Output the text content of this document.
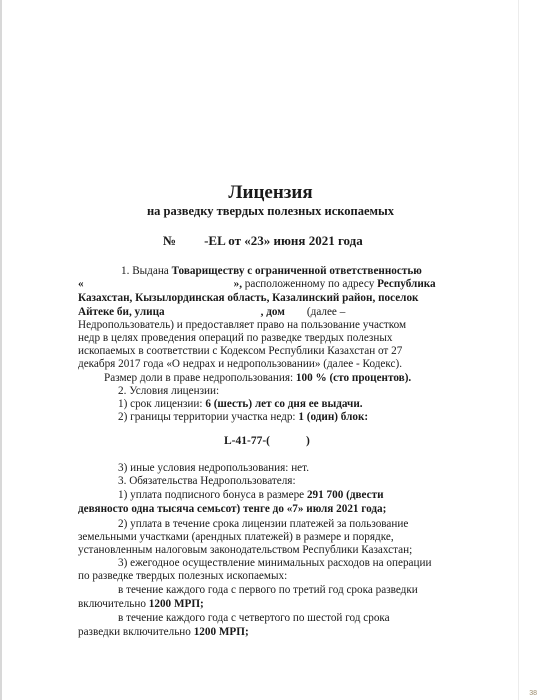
Лицензия
на разведку твердых полезных ископаемых
№ -EL от «23» июня 2021 года
1. Выдана Товариществу с ограниченной ответственностью
«	», расположенному по адресу Республика
Казахстан, Кызылординская область, Казалинский район, поселок
Айтеке би, улица	, дом (далее –
Недропользователь) и предоставляет право на пользование участком
недр в целях проведения операций по разведке твердых полезных
ископаемых в соответствии с Кодексом Республики Казахстан от 27
декабря 2017 года «О недрах и недропользовании» (далее - Кодекс).
Размер доли в праве недропользования: 100 % (сто процентов).
2. Условия лицензии:
1) срок лицензии: 6 (шесть) лет со дня ее выдачи.
2) границы территории участка недр: 1 (один) блок:
L-41-77-(	)
3) иные условия недропользования: нет.
3. Обязательства Недропользователя:
1) уплата подписного бонуса в размере 291 700 (двести
девяносто одна тысяча семьсот) тенге до «7» июля 2021 года;
2) уплата в течение срока лицензии платежей за пользование
земельными участками (арендных платежей) в размере и порядке,
установленным налоговым законодательством Республики Казахстан;
3) ежегодное осуществление минимальных расходов на операции
по разведке твердых полезных ископаемых:
в течение каждого года с первого по третий год срока разведки
включительно 1200 МРП;
в течение каждого года с четвертого по шестой год срока
разведки включительно 1200 МРП;
38
